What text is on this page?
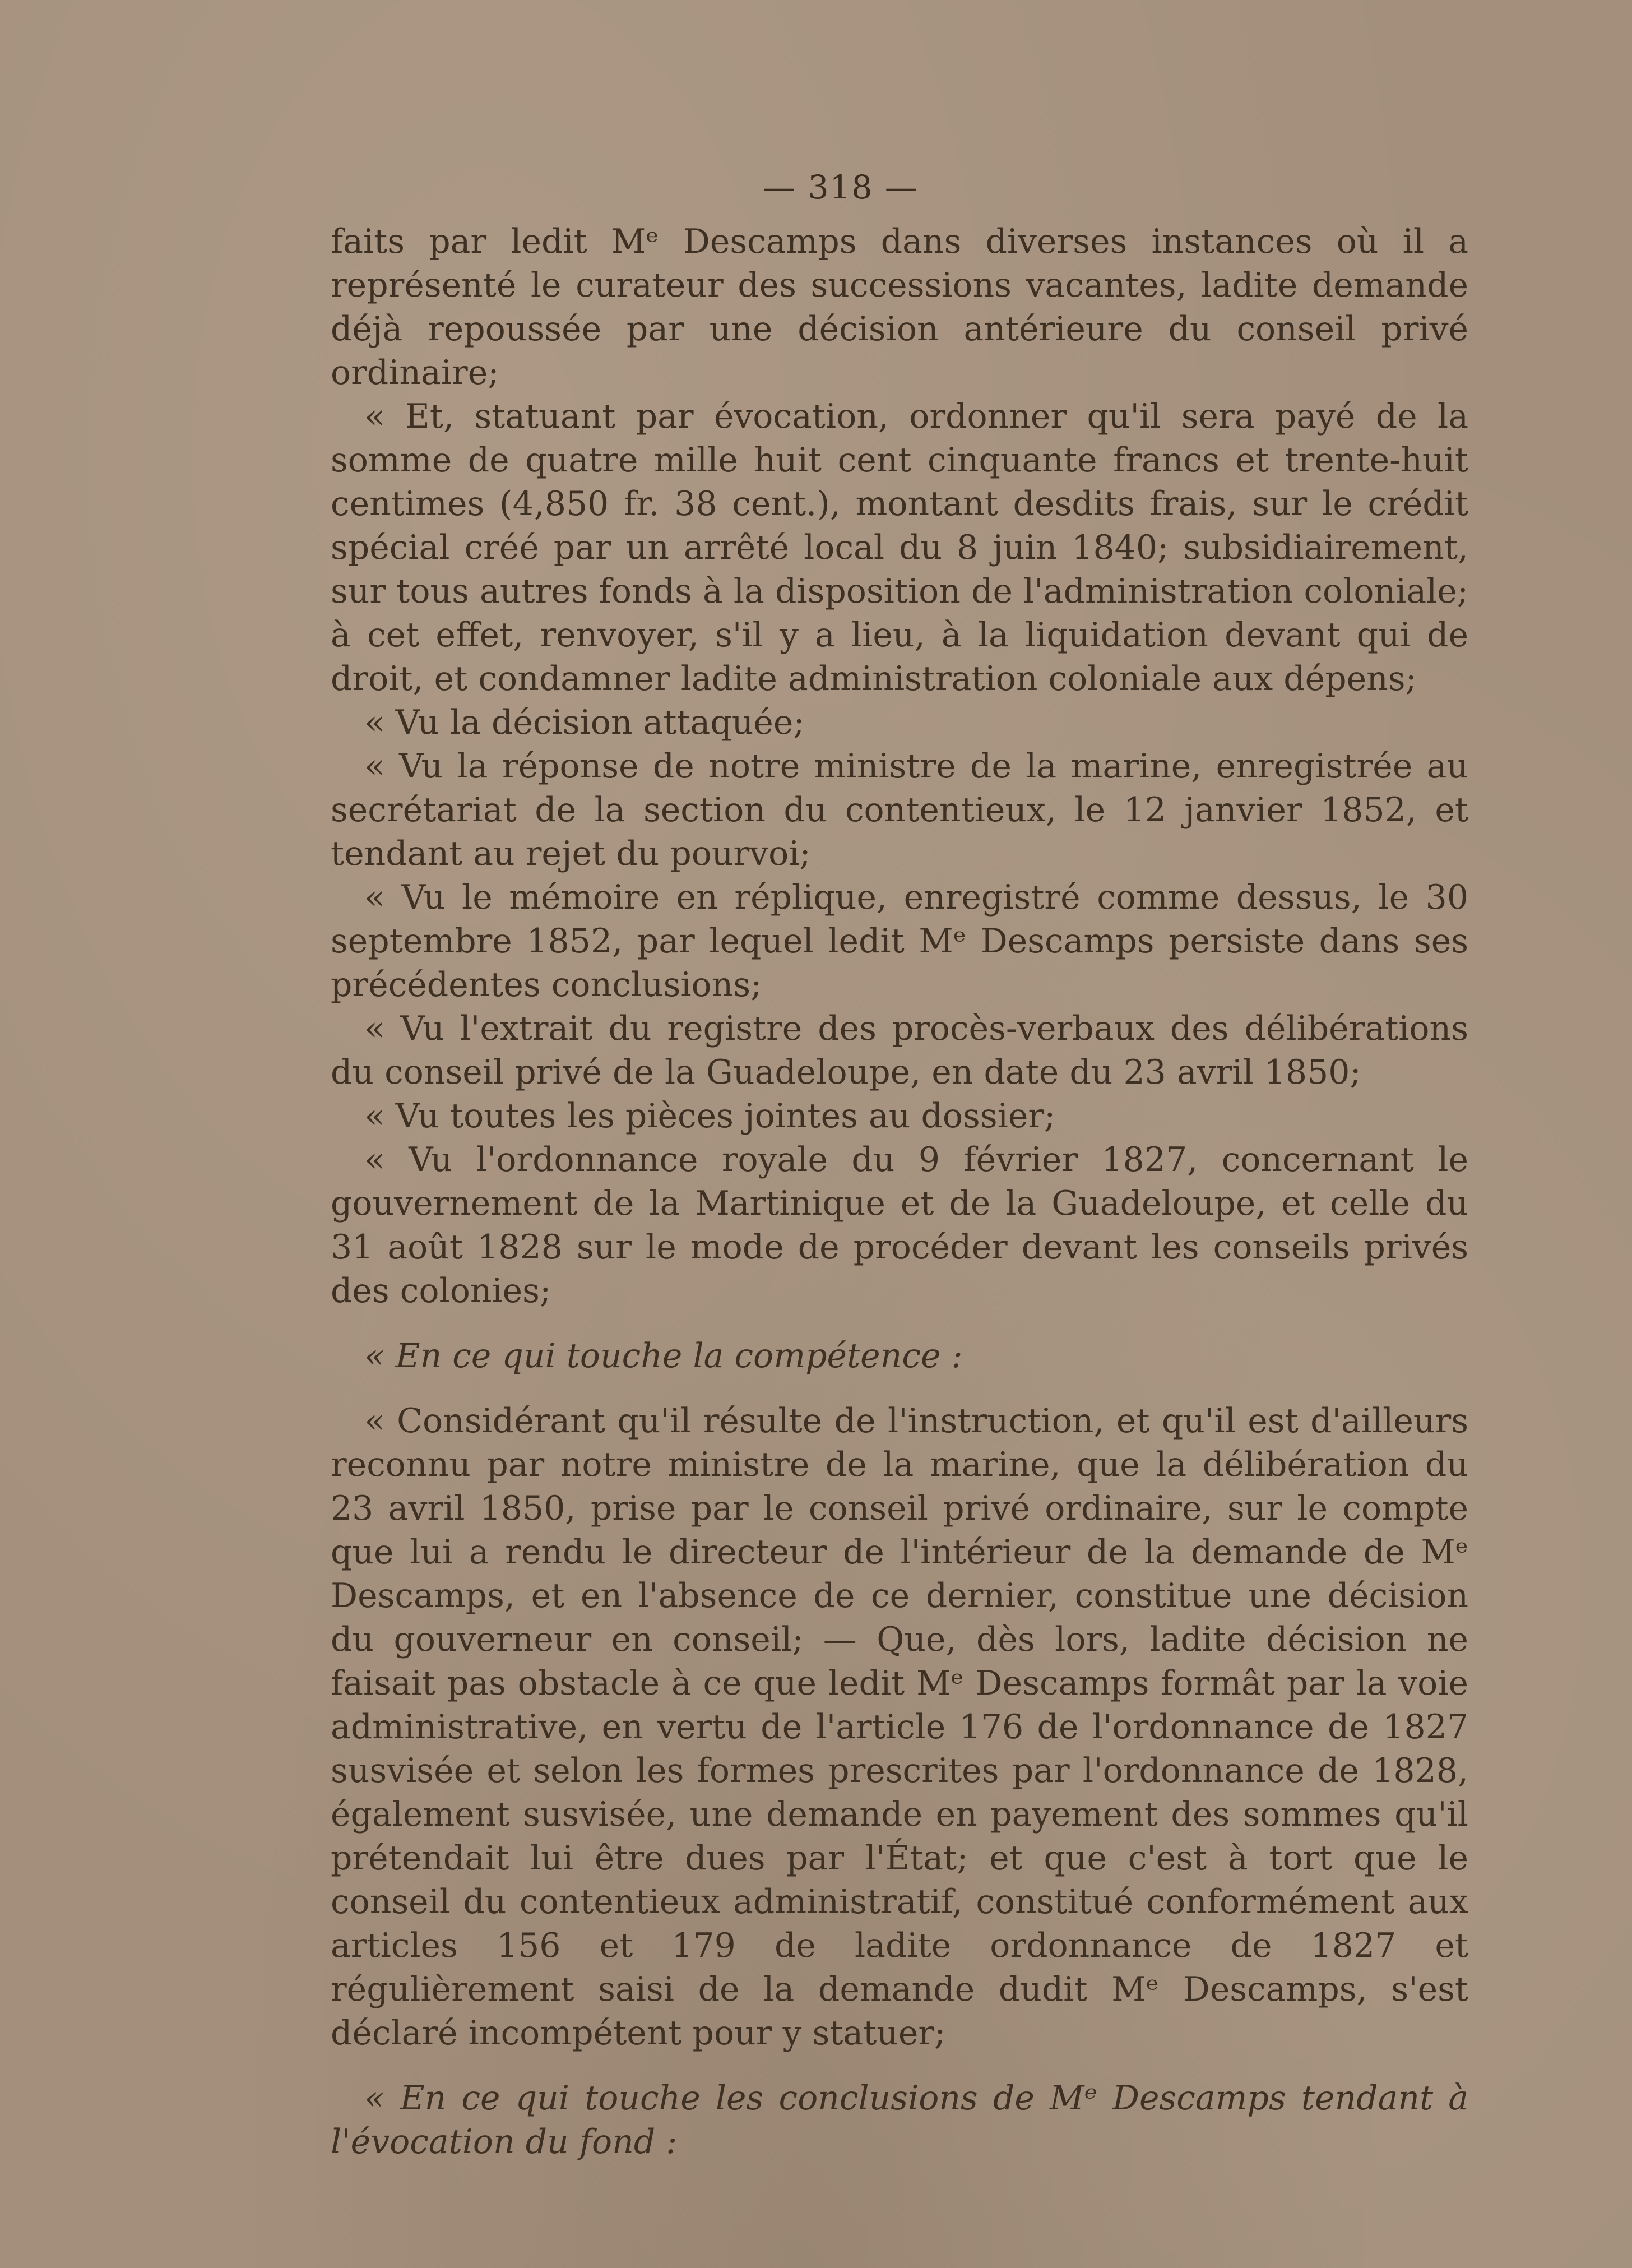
— 318 —

faits par ledit Mᵉ Descamps dans diverses instances où il a représenté le curateur des successions vacantes, ladite demande déjà repoussée par une décision antérieure du conseil privé ordinaire;

« Et, statuant par évocation, ordonner qu'il sera payé de la somme de quatre mille huit cent cinquante francs et trente-huit centimes (4,850 fr. 38 cent.), montant desdits frais, sur le crédit spécial créé par un arrêté local du 8 juin 1840; subsidiairement, sur tous autres fonds à la disposition de l'administration coloniale; à cet effet, renvoyer, s'il y a lieu, à la liquidation devant qui de droit, et condamner ladite administration coloniale aux dépens;

« Vu la décision attaquée;

« Vu la réponse de notre ministre de la marine, enregistrée au secrétariat de la section du contentieux, le 12 janvier 1852, et tendant au rejet du pourvoi;

« Vu le mémoire en réplique, enregistré comme dessus, le 30 septembre 1852, par lequel ledit Mᵉ Descamps persiste dans ses précédentes conclusions;

« Vu l'extrait du registre des procès-verbaux des délibérations du conseil privé de la Guadeloupe, en date du 23 avril 1850;

« Vu toutes les pièces jointes au dossier;

« Vu l'ordonnance royale du 9 février 1827, concernant le gouvernement de la Martinique et de la Guadeloupe, et celle du 31 août 1828 sur le mode de procéder devant les conseils privés des colonies;

« En ce qui touche la compétence :

« Considérant qu'il résulte de l'instruction, et qu'il est d'ailleurs reconnu par notre ministre de la marine, que la délibération du 23 avril 1850, prise par le conseil privé ordinaire, sur le compte que lui a rendu le directeur de l'intérieur de la demande de Mᵉ Descamps, et en l'absence de ce dernier, constitue une décision du gouverneur en conseil; — Que, dès lors, ladite décision ne faisait pas obstacle à ce que ledit Mᵉ Descamps formât par la voie administrative, en vertu de l'article 176 de l'ordonnance de 1827 susvisée et selon les formes prescrites par l'ordonnance de 1828, également susvisée, une demande en payement des sommes qu'il prétendait lui être dues par l'État; et que c'est à tort que le conseil du contentieux administratif, constitué conformément aux articles 156 et 179 de ladite ordonnance de 1827 et régulièrement saisi de la demande dudit Mᵉ Descamps, s'est déclaré incompétent pour y statuer;

« En ce qui touche les conclusions de Mᵉ Descamps tendant à l'évocation du fond :
